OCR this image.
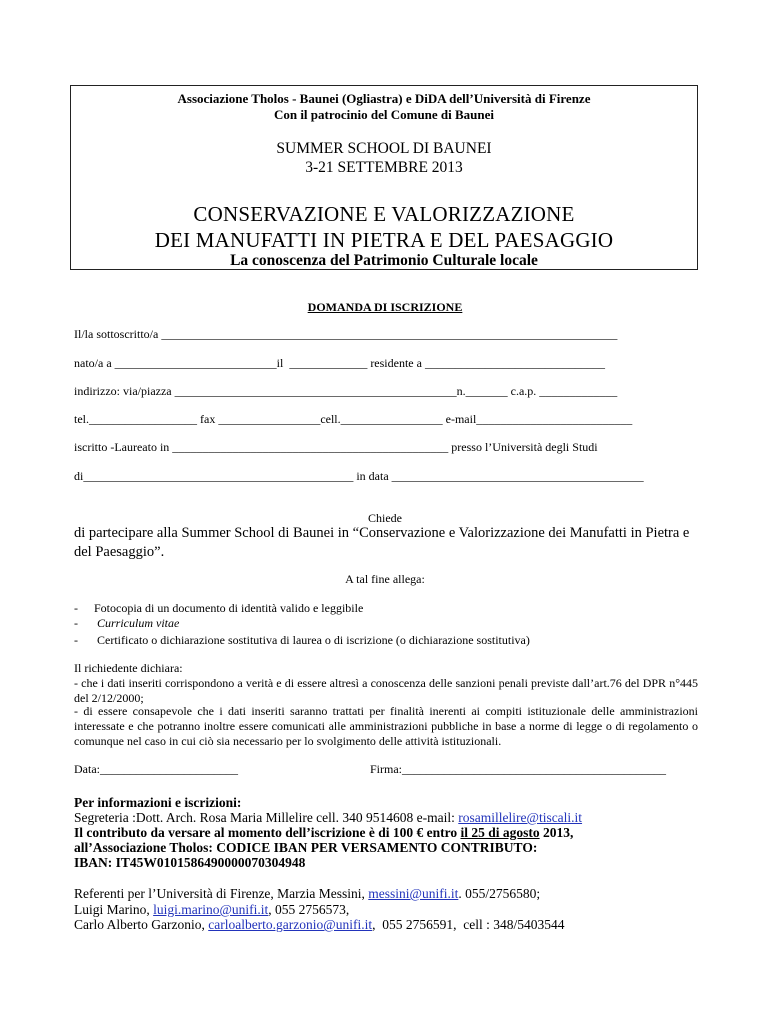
Associazione Tholos - Baunei (Ogliastra) e DiDA dell’Università di Firenze
Con il patrocinio del Comune di Baunei
SUMMER SCHOOL DI BAUNEI
3-21 SETTEMBRE 2013
CONSERVAZIONE E VALORIZZAZIONE
DEI MANUFATTI IN PIETRA E DEL PAESAGGIO
La conoscenza del Patrimonio Culturale locale
DOMANDA DI ISCRIZIONE
Il/la sottoscritto/a ____________________________________________________________________________
nato/a a ___________________________il  _____________ residente a ______________________________
indirizzo: via/piazza _______________________________________________n._______ c.a.p. _____________
tel.__________________ fax _________________cell._________________ e-mail__________________________
iscritto -Laureato in ______________________________________________ presso l’Università degli Studi
di_____________________________________________ in data __________________________________________
Chiede
di partecipare alla Summer School di Baunei in “Conservazione e Valorizzazione dei Manufatti in Pietra e del Paesaggio”.
A tal fine allega:
- Fotocopia di un documento di identità valido e leggibile
- Curriculum vitae
- Certificato o dichiarazione sostitutiva di laurea o di iscrizione (o dichiarazione sostitutiva)
Il richiedente dichiara:
- che i dati inseriti corrispondono a verità e di essere altresì a conoscenza delle sanzioni penali previste dall’art.76 del DPR n°445 del 2/12/2000;
- di essere consapevole che i dati inseriti saranno trattati per finalità inerenti ai compiti istituzionale delle amministrazioni interessate e che potranno inoltre essere comunicati alle amministrazioni pubbliche in base a norme di legge o di regolamento o comunque nel caso in cui ciò sia necessario per lo svolgimento delle attività istituzionali.
Data:_______________________	Firma:____________________________________________
Per informazioni e iscrizioni:
Segreteria :Dott. Arch. Rosa Maria Millelire cell. 340 9514608 e-mail: rosamillelire@tiscali.it
Il contributo da versare al momento dell’iscrizione è di 100 € entro il 25 di agosto 2013,
all’Associazione Tholos: CODICE IBAN PER VERSAMENTO CONTRIBUTO:
IBAN: IT45W0101586490000070304948
Referenti per l’Università di Firenze, Marzia Messini, messini@unifi.it. 055/2756580;
Luigi Marino, luigi.marino@unifi.it, 055 2756573,
Carlo Alberto Garzonio, carloalberto.garzonio@unifi.it,  055 2756591,  cell : 348/5403544
